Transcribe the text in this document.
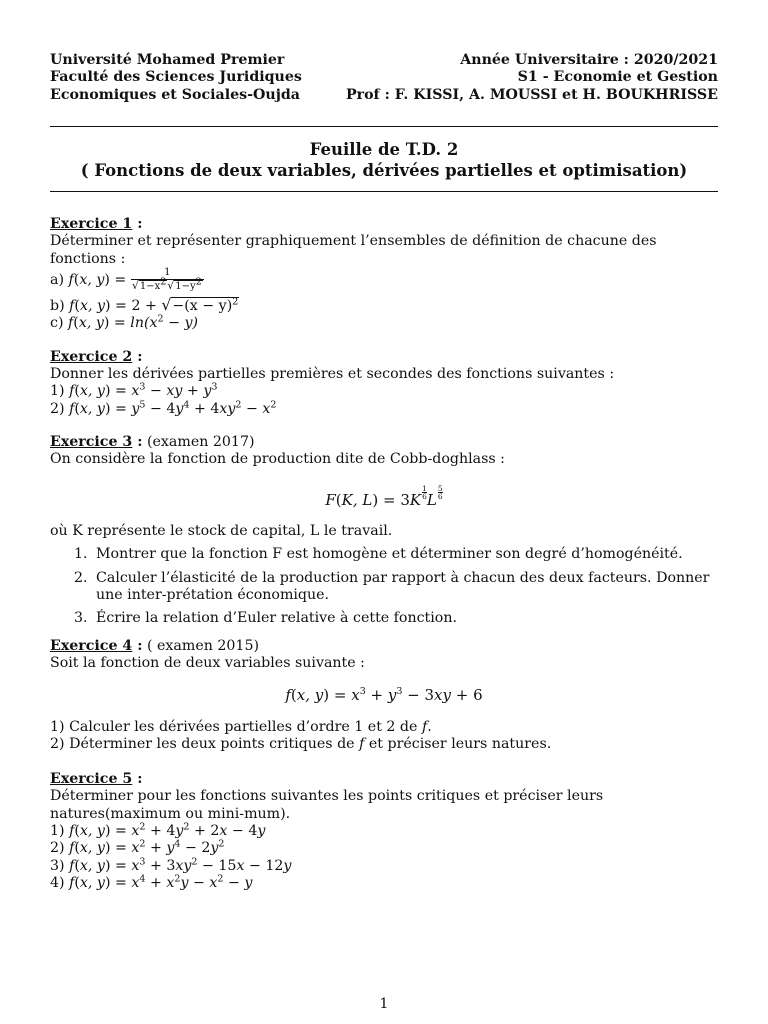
Université Mohamed Premier
Faculté des Sciences Juridiques
Economiques et Sociales-Oujda
Année Universitaire : 2020/2021
S1 - Economie et Gestion
Prof : F. KISSI, A. MOUSSI et H. BOUKHRISSE
Feuille de T.D. 2
( Fonctions de deux variables, dérivées partielles et optimisation)
Exercice 1 :
Déterminer et représenter graphiquement l’ensembles de définition de chacune des fonctions :
a) f(x, $y) = \frac{1}{√1-x2√1-y2}$
b) f(x, $y) = 2 + √-(x - y)^2$
c) f(x, $y) = \ln(x^2 - y)$
Exercice 2 :
Donner les dérivées partielles premières et secondes des fonctions suivantes :
1) f(x, $y) = x^3$ − xy + $y^3$
2) f(x, $y) = y^5 - 4y^4 + 4xy^2 - x^2$
Exercice 3 : (examen 2017)
On considère la fonction de production dite de Cobb-doghlass :
F(K, $L) = 3K \frac{1}{6}$ L $\frac{5}{6}$
où K représente le stock de capital, L le travail.
1. Montrer que la fonction F est homogène et déterminer son degré d’homogénéité.
2. Calculer l’élasticité de la production par rapport à chacun des deux facteurs. Donner une inter-prétation économique.
3. Écrire la relation d’Euler relative à cette fonction.
Exercice 4 : ( examen 2015)
Soit la fonction de deux variables suivante :
f(x, $y) = x^3 + y^3 - 3xy + 6$
1) Calculer les dérivées partielles d’ordre 1 et 2 de f.
2) Déterminer les deux points critiques de f et préciser leurs natures.
Exercice 5 :
Déterminer pour les fonctions suivantes les points critiques et préciser leurs natures(maximum ou mini-mum).
1) f(x, $y) = x^2 + 4y^2 + 2x - 4y$
2) f(x, $y) = x^2 + y^4 - 2y^2$
3) f(x, $y) = x^3 + 3xy^2 - 15x - 12y$
4) f(x, $y) = x^4 + x^2y - x^2 - y$
1
